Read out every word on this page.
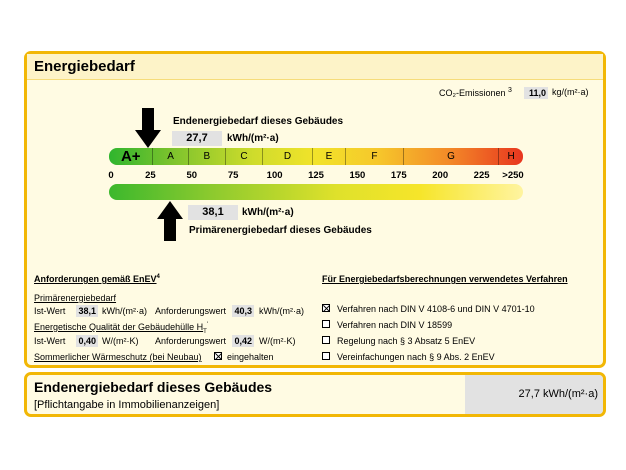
Energiebedarf
CO₂-Emissionen $^3$	11,0 kg/(m²·a)
Endenergiebedarf dieses Gebäudes
27,7	kWh/(m²·a)
A+	A	B	C	D	E	F	G	H
0	25	50	75	100	125	150	175	200	225 >250
38,1	kWh/(m²·a)
Primärenergiebedarf dieses Gebäudes
Anforderungen gemäß EnEV$^4$
Primärenergiebedarf
Ist-Wert 38,1 kWh/(m²·a) Anforderungswert 40,3 kWh/(m²·a)
Energetische Qualität der Gebäudehülle $H_T'$
Ist-Wert 0,40 W/(m²·K) Anforderungswert 0,42 W/(m²·K)
Sommerlicher Wärmeschutz (bei Neubau)	eingehalten
Für Energiebedarfsberechnungen verwendetes Verfahren
Verfahren nach DIN V 4108-6 und DIN V 4701-10
Verfahren nach DIN V 18599
Regelung nach § 3 Absatz 5 EnEV
Vereinfachungen nach § 9 Abs. 2 EnEV
Endenergiebedarf dieses Gebäudes
[Pflichtangabe in Immobilienanzeigen]
27,7 kWh/(m²·a)
